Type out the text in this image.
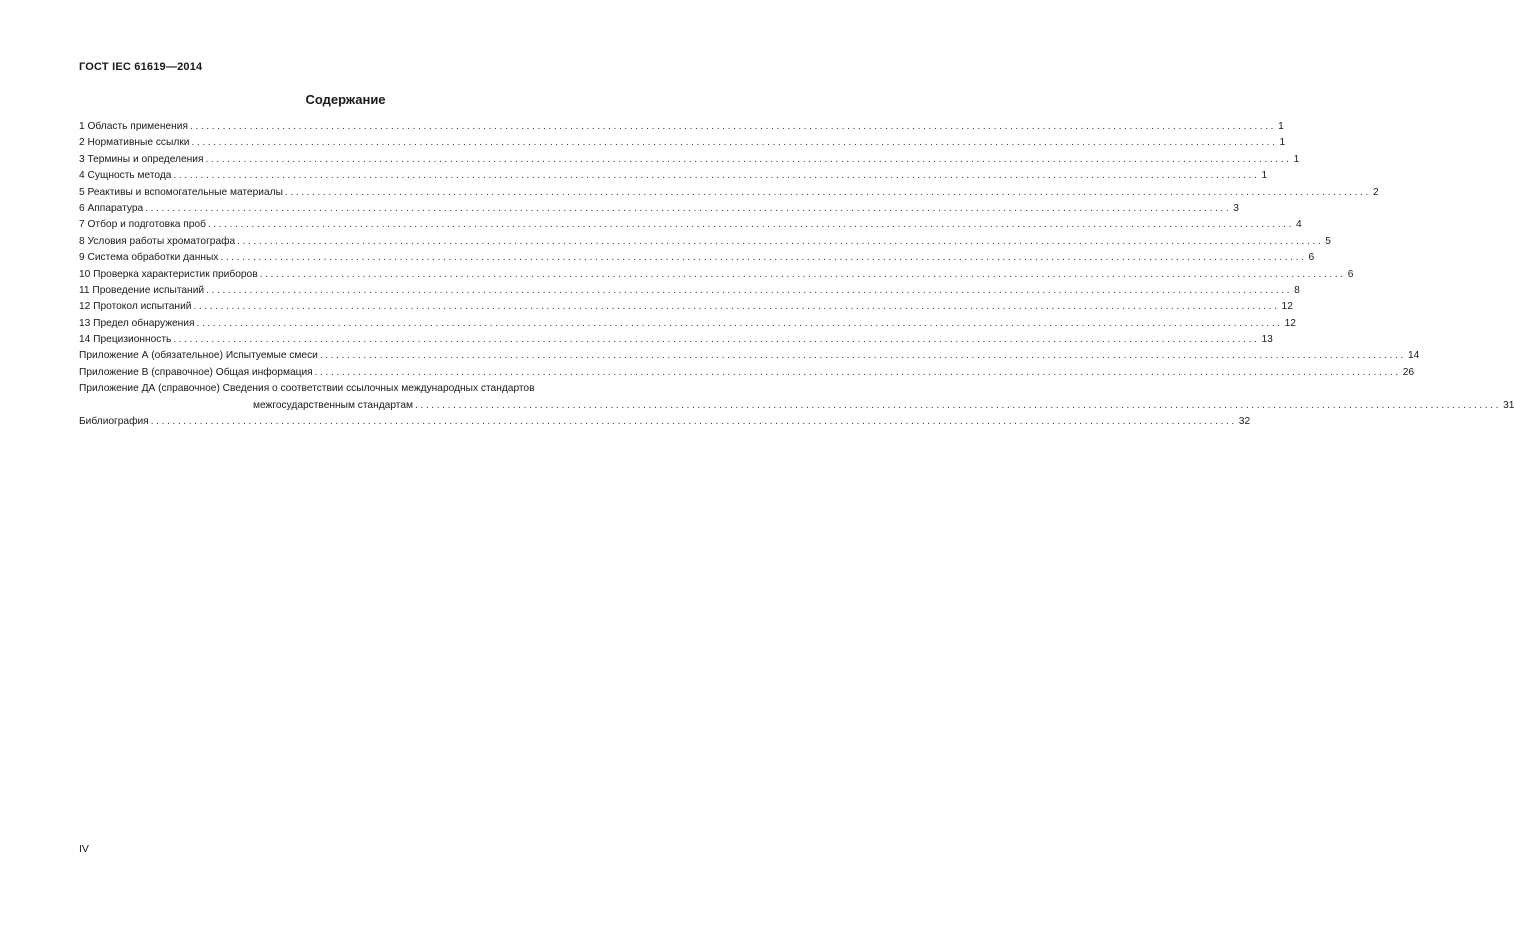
ГОСТ IEC 61619—2014
Содержание
1 Область применения ........................................................................................................................................................................................................ 1
2 Нормативные ссылки ........................................................................................................................................................................................................ 1
3 Термины и определения ........................................................................................................................................................................................................ 1
4 Сущность метода ........................................................................................................................................................................................................ 1
5 Реактивы и вспомогательные материалы ........................................................................................................................................................................................................ 2
6 Аппаратура ........................................................................................................................................................................................................ 3
7 Отбор и подготовка проб ........................................................................................................................................................................................................ 4
8 Условия работы хроматографа ........................................................................................................................................................................................................ 5
9 Система обработки данных ........................................................................................................................................................................................................ 6
10 Проверка характеристик приборов ........................................................................................................................................................................................................ 6
11 Проведение испытаний ........................................................................................................................................................................................................ 8
12 Протокол испытаний ........................................................................................................................................................................................................ 12
13 Предел обнаружения ........................................................................................................................................................................................................ 12
14 Прецизионность ........................................................................................................................................................................................................ 13
Приложение А (обязательное) Испытуемые смеси ........................................................................................................................................................................................................ 14
Приложение В (справочное) Общая информация ........................................................................................................................................................................................................ 26
Приложение ДА (справочное) Сведения о соответствии ссылочных международных стандартов
межгосударственным стандартам ........................................................................................................................................................................................................ 31
Библиография ........................................................................................................................................................................................................ 32
IV
